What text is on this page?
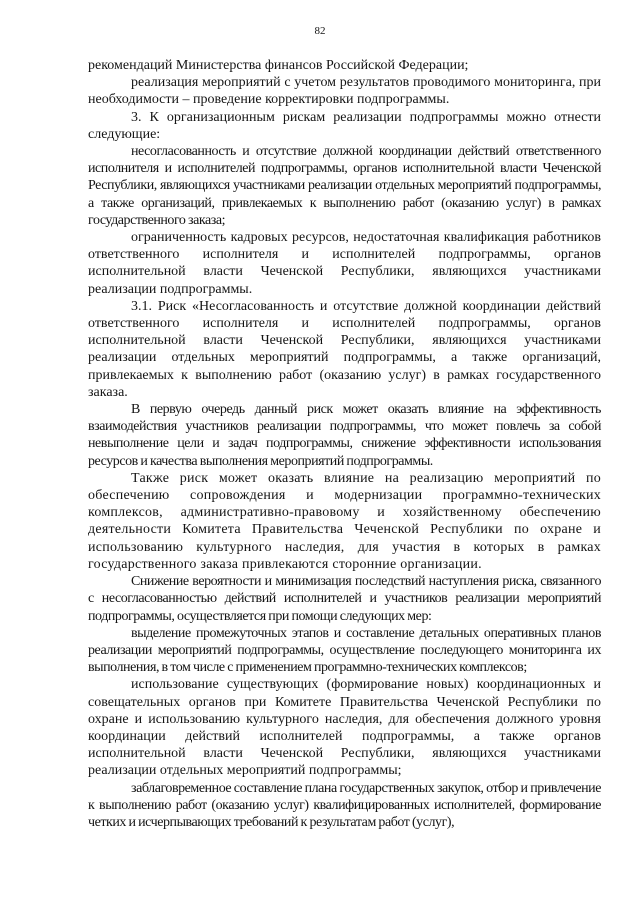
82

рекомендаций Министерства финансов Российской Федерации;

реализация мероприятий с учетом результатов проводимого мониторинга, при необходимости – проведение корректировки подпрограммы.

3. К организационным рискам реализации подпрограммы можно отнести следующие:

несогласованность и отсутствие должной координации действий ответственного исполнителя и исполнителей подпрограммы, органов исполнительной власти Чеченской Республики, являющихся участниками реализации отдельных мероприятий подпрограммы, а также организаций, привлекаемых к выполнению работ (оказанию услуг) в рамках государственного заказа;

ограниченность кадровых ресурсов, недостаточная квалификация работников ответственного исполнителя и исполнителей подпрограммы, органов исполнительной власти Чеченской Республики, являющихся участниками реализации подпрограммы.

3.1. Риск «Несогласованность и отсутствие должной координации действий ответственного исполнителя и исполнителей подпрограммы, органов исполнительной власти Чеченской Республики, являющихся участниками реализации отдельных мероприятий подпрограммы, а также организаций, привлекаемых к выполнению работ (оказанию услуг) в рамках государственного заказа.

В первую очередь данный риск может оказать влияние на эффективность взаимодействия участников реализации подпрограммы, что может повлечь за собой невыполнение цели и задач подпрограммы, снижение эффективности использования ресурсов и качества выполнения мероприятий подпрограммы.

Также риск может оказать влияние на реализацию мероприятий по обеспечению сопровождения и модернизации программно-технических комплексов, административно-правовому и хозяйственному обеспечению деятельности Комитета Правительства Чеченской Республики по охране и использованию культурного наследия, для участия в которых в рамках государственного заказа привлекаются сторонние организации.

Снижение вероятности и минимизация последствий наступления риска, связанного с несогласованностью действий исполнителей и участников реализации мероприятий подпрограммы, осуществляется при помощи следующих мер:

выделение промежуточных этапов и составление детальных оперативных планов реализации мероприятий подпрограммы, осуществление последующего мониторинга их выполнения, в том числе с применением программно-технических комплексов;

использование существующих (формирование новых) координационных и совещательных органов при Комитете Правительства Чеченской Республики по охране и использованию культурного наследия, для обеспечения должного уровня координации действий исполнителей подпрограммы, а также органов исполнительной власти Чеченской Республики, являющихся участниками реализации отдельных мероприятий подпрограммы;

заблаговременное составление плана государственных закупок, отбор и привлечение к выполнению работ (оказанию услуг) квалифицированных исполнителей, формирование четких и исчерпывающих требований к результатам работ (услуг),
